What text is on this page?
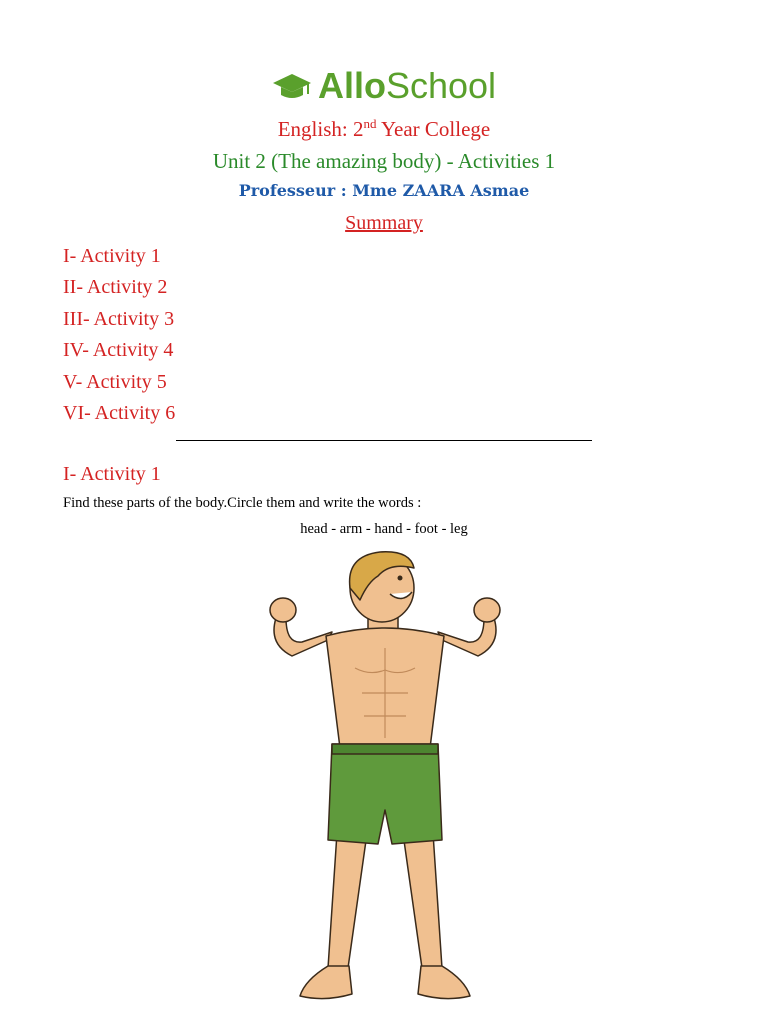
AlloSchool
English: 2nd Year College
Unit 2 (The amazing body) - Activities 1
Professeur : Mme ZAARA Asmae
Summary
I- Activity 1
II- Activity 2
III- Activity 3
IV- Activity 4
V- Activity 5
VI- Activity 6
I- Activity 1
Find these parts of the body.Circle them and write the words :
head - arm - hand - foot - leg
